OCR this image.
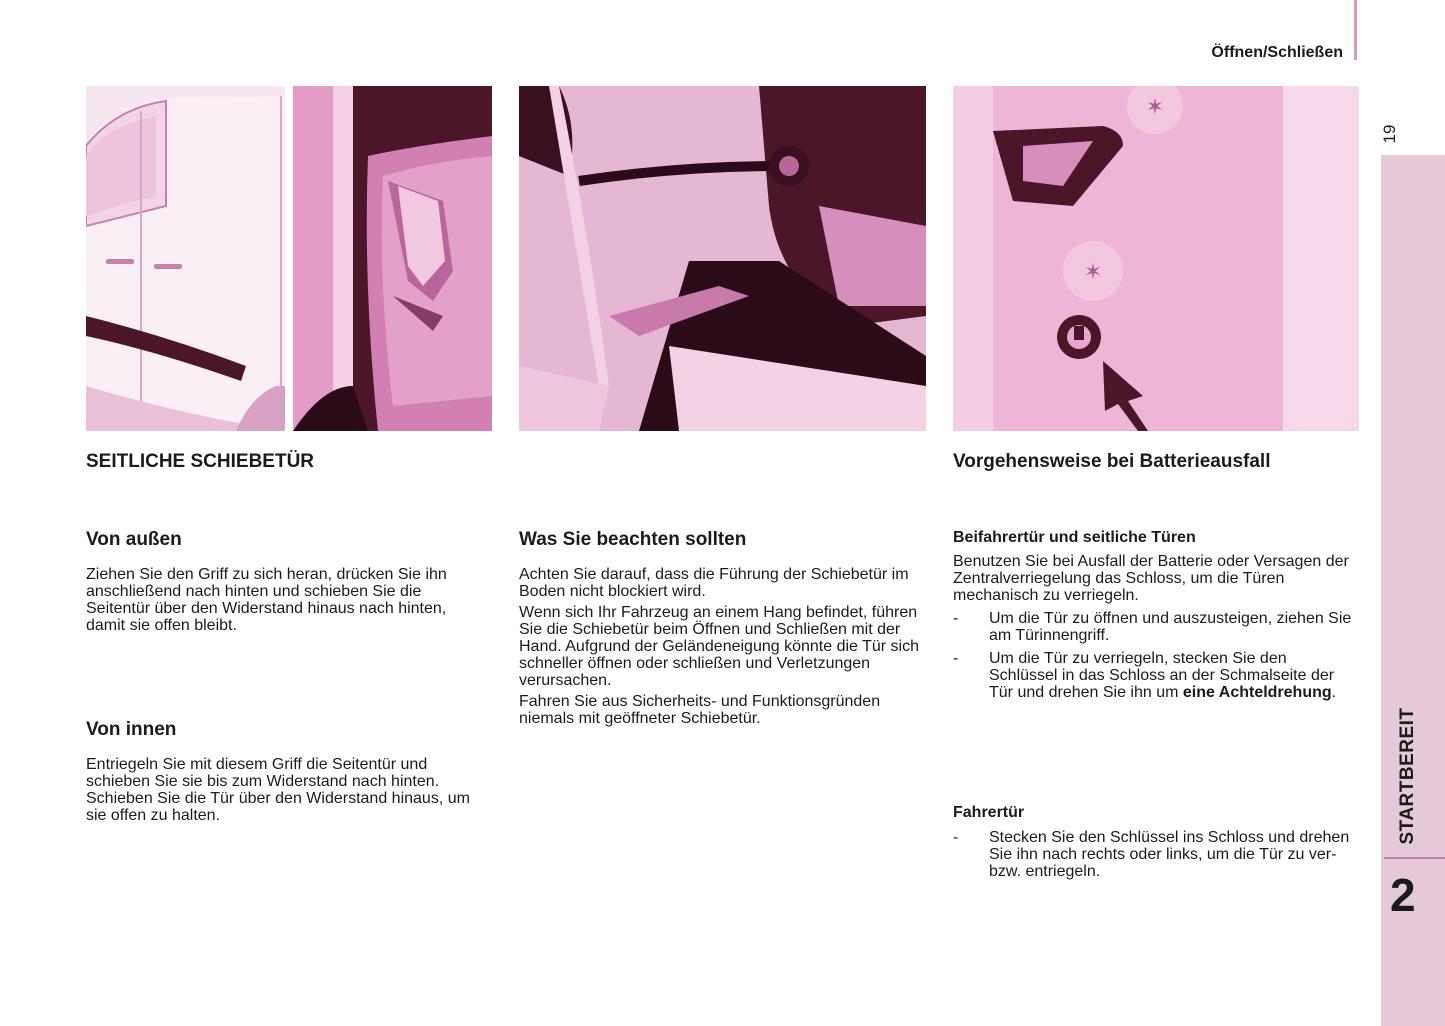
Öffnen/Schließen
19
STARTBEREIT
2
✶
✶
SEITLICHE SCHIEBETÜR
Von außen

Ziehen Sie den Griff zu sich heran, drücken Sie ihn anschließend nach hinten und schieben Sie die Seitentür über den Widerstand hinaus nach hinten, damit sie offen bleibt.

Von innen

Entriegeln Sie mit diesem Griff die Seitentür und schieben Sie sie bis zum Widerstand nach hinten. Schieben Sie die Tür über den Widerstand hinaus, um sie offen zu halten.

Was Sie beachten sollten

Achten Sie darauf, dass die Führung der Schiebetür im Boden nicht blockiert wird.

Wenn sich Ihr Fahrzeug an einem Hang befindet, führen Sie die Schiebetür beim Öffnen und Schließen mit der Hand. Aufgrund der Geländeneigung könnte die Tür sich schneller öffnen oder schließen und Verletzungen verursachen.

Fahren Sie aus Sicherheits- und Funktionsgründen niemals mit geöffneter Schiebetür.

Vorgehensweise bei Batterieausfall
Beifahrertür und seitliche Türen

Benutzen Sie bei Ausfall der Batterie oder Versagen der Zentralverriegelung das Schloss, um die Türen mechanisch zu verriegeln.

- Um die Tür zu öffnen und auszusteigen, ziehen Sie am Türinnengriff.

- Um die Tür zu verriegeln, stecken Sie den Schlüssel in das Schloss an der Schmalseite der Tür und drehen Sie ihn um eine Achteldrehung.

Fahrertür

- Stecken Sie den Schlüssel ins Schloss und drehen Sie ihn nach rechts oder links, um die Tür zu ver- bzw. entriegeln.
